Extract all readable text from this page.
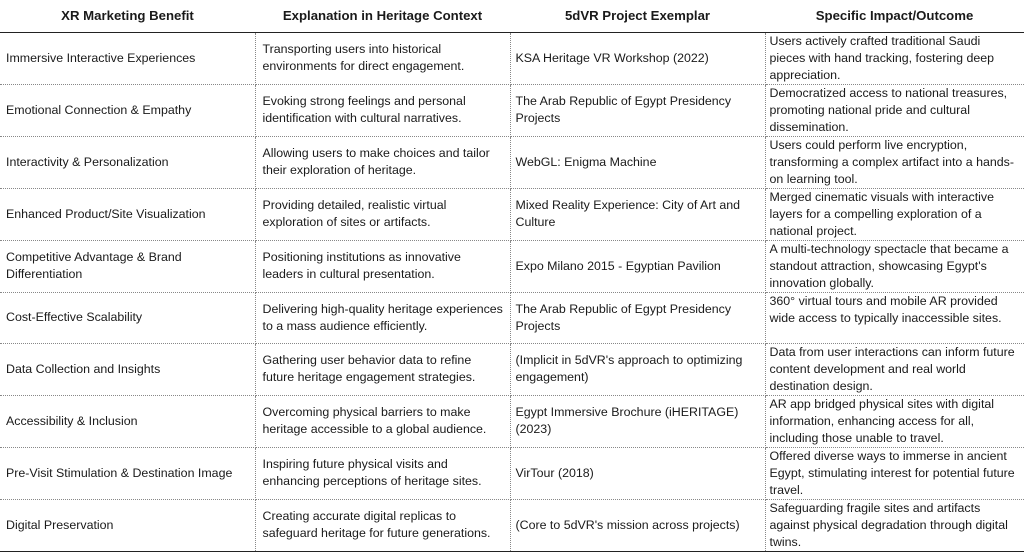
XR Marketing Benefit	Explanation in Heritage Context	5dVR Project Exemplar	Specific Impact/Outcome

Immersive Interactive Experiences	Transporting users into historical environments for direct engagement.	KSA Heritage VR Workshop (2022)	Users actively crafted traditional Saudi pieces with hand tracking, fostering deep appreciation.

Emotional Connection & Empathy	Evoking strong feelings and personal identification with cultural narratives.	The Arab Republic of Egypt Presidency Projects	Democratized access to national treasures, promoting national pride and cultural dissemination.

Interactivity & Personalization	Allowing users to make choices and tailor their exploration of heritage.	WebGL: Enigma Machine	Users could perform live encryption, transforming a complex artifact into a hands-on learning tool.

Enhanced Product/Site Visualization	Providing detailed, realistic virtual exploration of sites or artifacts.	Mixed Reality Experience: City of Art and Culture	Merged cinematic visuals with interactive layers for a compelling exploration of a national project.

Competitive Advantage & Brand Differentiation	Positioning institutions as innovative leaders in cultural presentation.	Expo Milano 2015 - Egyptian Pavilion	A multi-technology spectacle that became a standout attraction, showcasing Egypt's innovation globally.

Cost-Effective Scalability	Delivering high-quality heritage experiences to a mass audience efficiently.	The Arab Republic of Egypt Presidency Projects	360° virtual tours and mobile AR provided wide access to typically inaccessible sites.

Data Collection and Insights	Gathering user behavior data to refine future heritage engagement strategies.	(Implicit in 5dVR's approach to optimizing engagement)	Data from user interactions can inform future content development and real world destination design.

Accessibility & Inclusion	Overcoming physical barriers to make heritage accessible to a global audience.	Egypt Immersive Brochure (iHERITAGE) (2023)	AR app bridged physical sites with digital information, enhancing access for all, including those unable to travel.

Pre-Visit Stimulation & Destination Image	Inspiring future physical visits and enhancing perceptions of heritage sites.	VirTour (2018)	Offered diverse ways to immerse in ancient Egypt, stimulating interest for potential future travel.

Digital Preservation	Creating accurate digital replicas to safeguard heritage for future generations.	(Core to 5dVR's mission across projects)	Safeguarding fragile sites and artifacts against physical degradation through digital twins.
